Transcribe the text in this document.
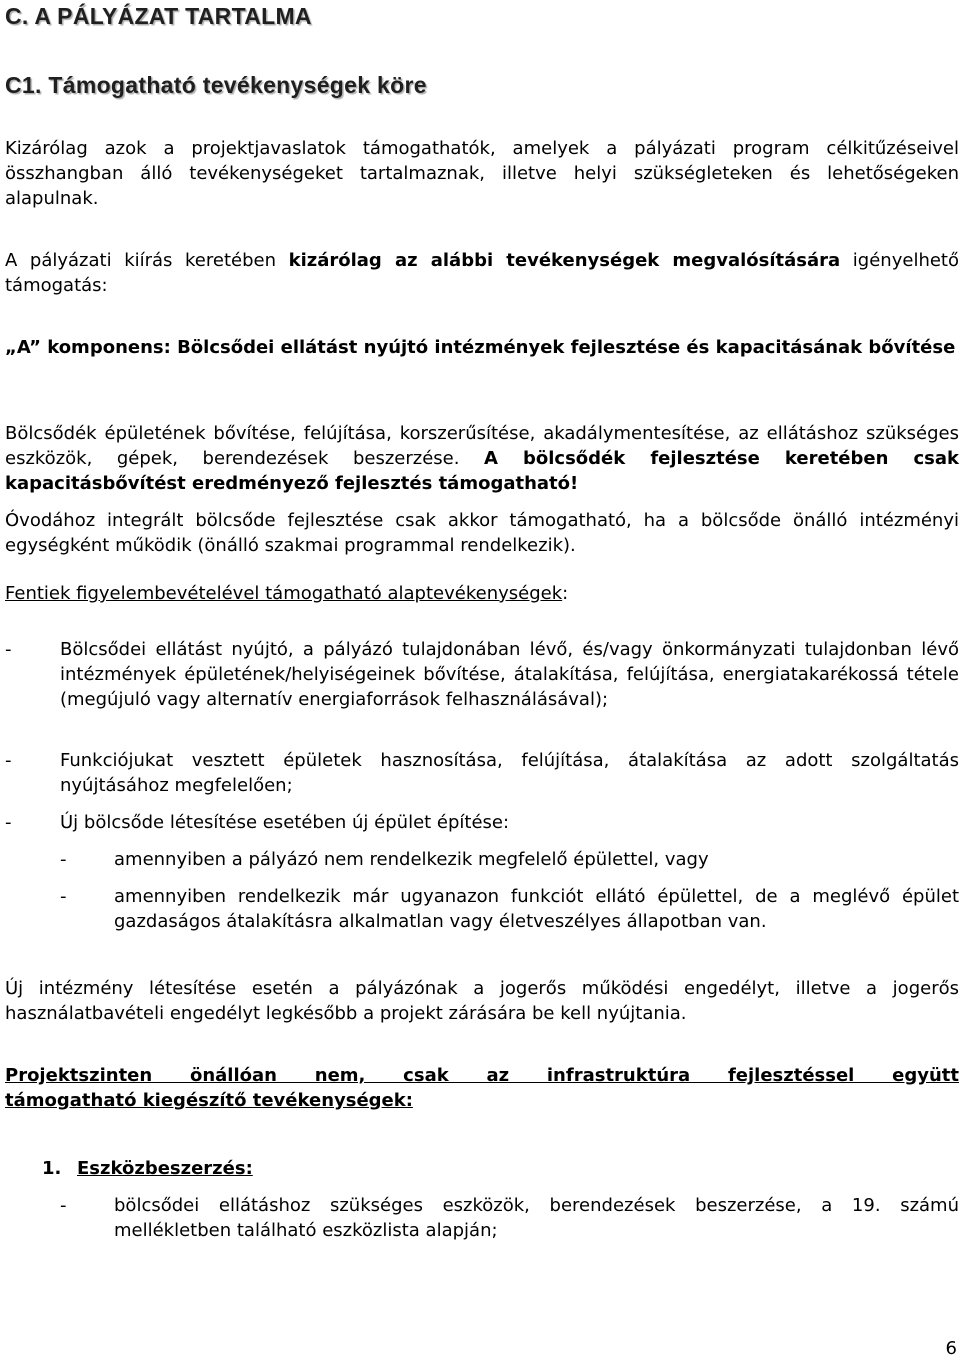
C. A PÁLYÁZAT TARTALMA
C1. Támogatható tevékenységek köre

Kizárólag azok a projektjavaslatok támogathatók, amelyek a pályázati program célkitűzéseivel összhangban álló tevékenységeket tartalmaznak, illetve helyi szükségleteken és lehetőségeken alapulnak.

A pályázati kiírás keretében kizárólag az alábbi tevékenységek megvalósítására igényelhető támogatás:

„A” komponens: Bölcsődei ellátást nyújtó intézmények fejlesztése és kapacitásának bővítése

Bölcsődék épületének bővítése, felújítása, korszerűsítése, akadálymentesítése, az ellátáshoz szükséges eszközök, gépek, berendezések beszerzése. A bölcsődék fejlesztése keretében csak kapacitásbővítést eredményező fejlesztés támogatható!

Óvodához integrált bölcsőde fejlesztése csak akkor támogatható, ha a bölcsőde önálló intézményi egységként működik (önálló szakmai programmal rendelkezik).

Fentiek figyelembevételével támogatható alaptevékenységek:

-	Bölcsődei ellátást nyújtó, a pályázó tulajdonában lévő, és/vagy önkormányzati tulajdonban lévő intézmények épületének/helyiségeinek bővítése, átalakítása, felújítása, energiatakarékossá tétele (megújuló vagy alternatív energiaforrások felhasználásával);

-	Funkciójukat vesztett épületek hasznosítása, felújítása, átalakítása az adott szolgáltatás nyújtásához megfelelően;

-	Új bölcsőde létesítése esetében új épület építése:

-	amennyiben a pályázó nem rendelkezik megfelelő épülettel, vagy

-	amennyiben rendelkezik már ugyanazon funkciót ellátó épülettel, de a meglévő épület gazdaságos átalakításra alkalmatlan vagy életveszélyes állapotban van.

Új intézmény létesítése esetén a pályázónak a jogerős működési engedélyt, illetve a jogerős használatbavételi engedélyt legkésőbb a projekt zárására be kell nyújtania.

Projektszinten önállóan nem, csak az infrastruktúra fejlesztéssel együtt

támogatható kiegészítő tevékenységek:

1. Eszközbeszerzés:
-	bölcsődei ellátáshoz szükséges eszközök, berendezések beszerzése, a 19. számú mellékletben található eszközlista alapján;

6
